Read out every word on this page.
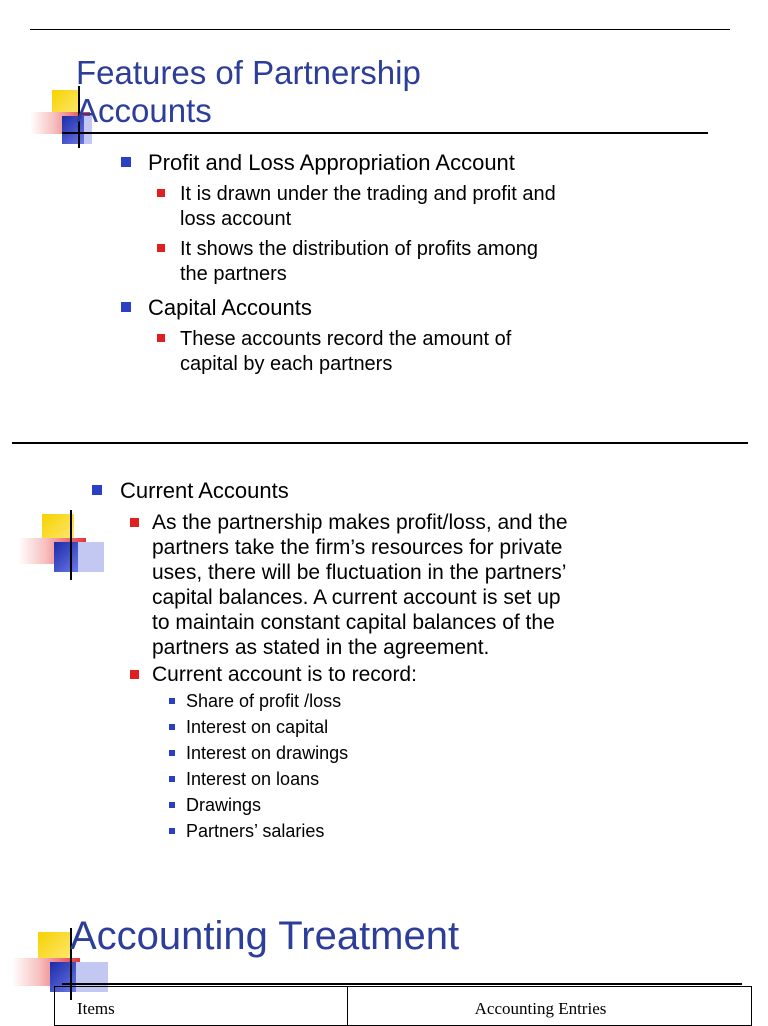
Features of Partnership
Accounts

Profit and Loss Appropriation Account

It is drawn under the trading and profit and
loss account

It shows the distribution of profits among
the partners

Capital Accounts

These accounts record the amount of
capital by each partners

Current Accounts

As the partnership makes profit/loss, and the
partners take the firm’s resources for private
uses, there will be fluctuation in the partners’
capital balances. A current account is set up
to maintain constant capital balances of the
partners as stated in the agreement.

Current account is to record:

Share of profit /loss

Interest on capital

Interest on drawings

Interest on loans

Drawings

Partners’ salaries

Accounting Treatment
Items	Accounting Entries
